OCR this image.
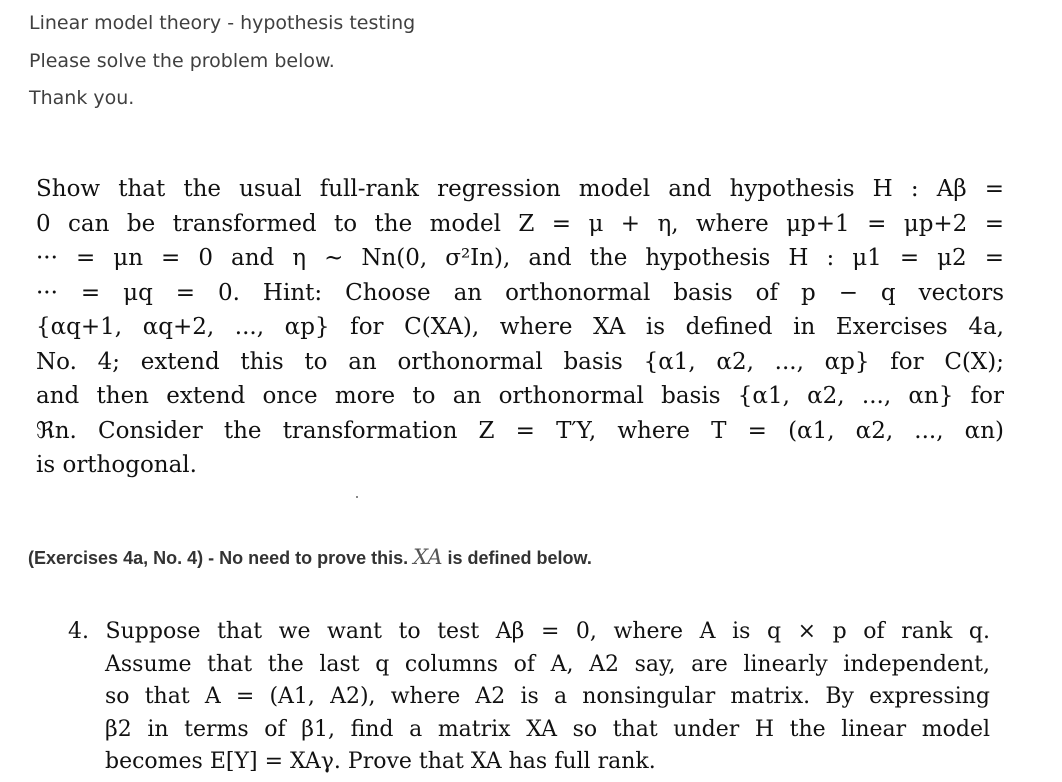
Linear model theory - hypothesis testing
Please solve the problem below.
Thank you.
Show that the usual full-rank regression model and hypothesis H : Aβ =
0 can be transformed to the model Z = μ + η, where μp+1 = μp+2 =
··· = μn = 0 and η ~ Nn(0, σ²In), and the hypothesis H : μ1 = μ2 =
··· = μq = 0. Hint: Choose an orthonormal basis of p − q vectors
{αq+1, αq+2, ..., αp} for C(XA), where XA is defined in Exercises 4a,
No. 4; extend this to an orthonormal basis {α1, α2, ..., αp} for C(X);
and then extend once more to an orthonormal basis {α1, α2, ..., αn} for
ℜn. Consider the transformation Z = T′Y, where T = (α1, α2, ..., αn)
is orthogonal.
(Exercises 4a, No. 4) - No need to prove this. XA is defined below.
4. Suppose that we want to test Aβ = 0, where A is q × p of rank q.
Assume that the last q columns of A, A2 say, are linearly independent,
so that A = (A1, A2), where A2 is a nonsingular matrix. By expressing
β2 in terms of β1, find a matrix XA so that under H the linear model
becomes E[Y] = XAγ. Prove that XA has full rank.
